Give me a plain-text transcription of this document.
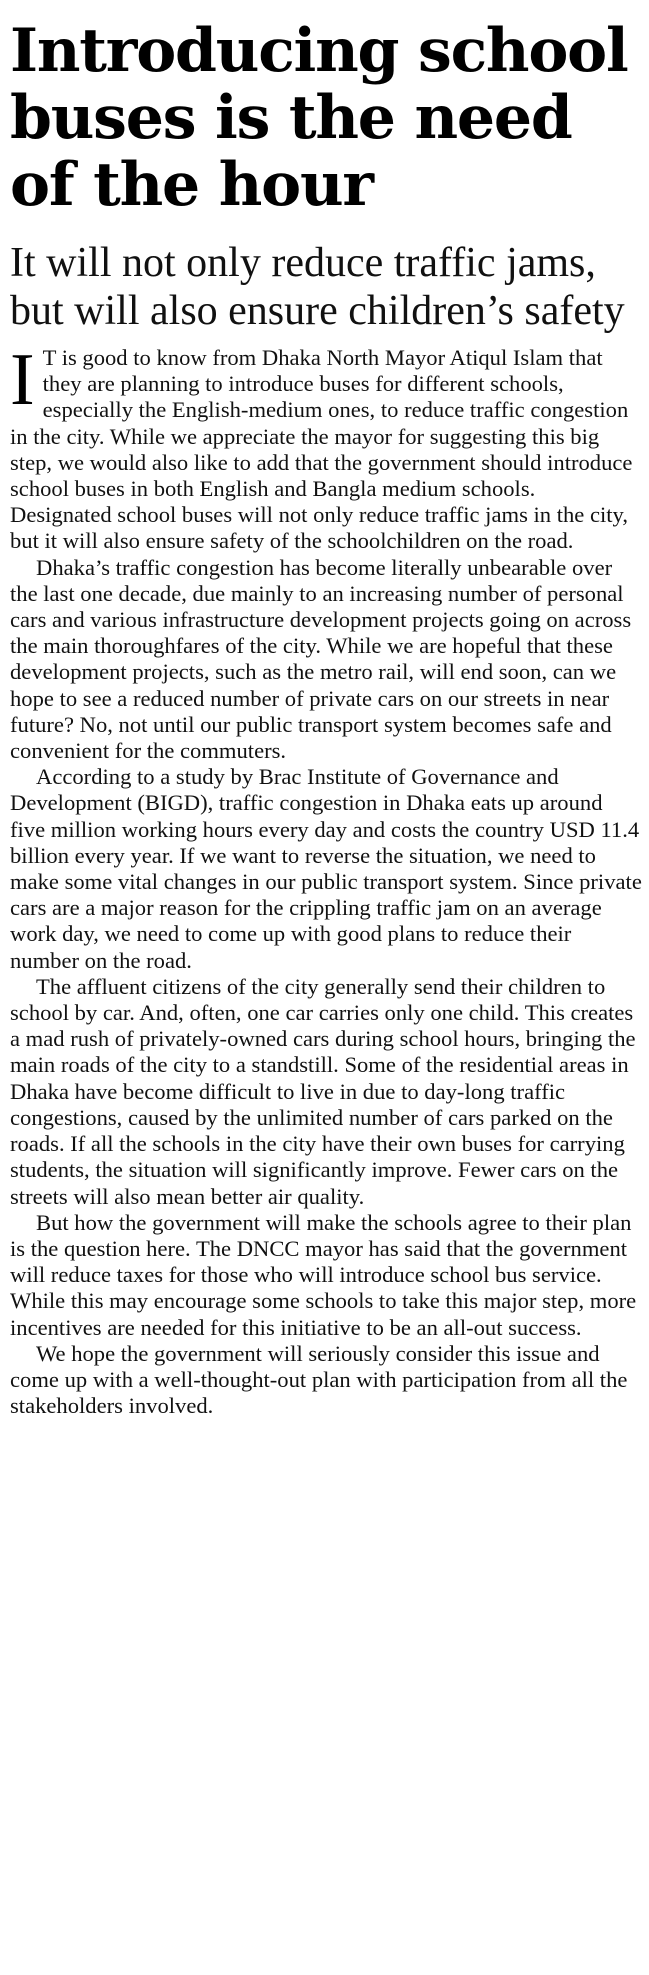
Introducing school buses is the need of the hour
It will not only reduce traffic jams, but will also ensure children’s safety

I T is good to know from Dhaka North Mayor Atiqul Islam that they are planning to introduce buses for different schools, especially the English-medium ones, to reduce traffic congestion in the city. While we appreciate the mayor for suggesting this big step, we would also like to add that the government should introduce school buses in both English and Bangla medium schools. Designated school buses will not only reduce traffic jams in the city, but it will also ensure safety of the schoolchildren on the road.

Dhaka’s traffic congestion has become literally unbearable over the last one decade, due mainly to an increasing number of personal cars and various infrastructure development projects going on across the main thoroughfares of the city. While we are hopeful that these development projects, such as the metro rail, will end soon, can we hope to see a reduced number of private cars on our streets in near future? No, not until our public transport system becomes safe and convenient for the commuters.

According to a study by Brac Institute of Governance and Development (BIGD), traffic congestion in Dhaka eats up around five million working hours every day and costs the country USD 11.4 billion every year. If we want to reverse the situation, we need to make some vital changes in our public transport system. Since private cars are a major reason for the crippling traffic jam on an average work day, we need to come up with good plans to reduce their number on the road.

The affluent citizens of the city generally send their children to school by car. And, often, one car carries only one child. This creates a mad rush of privately-owned cars during school hours, bringing the main roads of the city to a standstill. Some of the residential areas in Dhaka have become difficult to live in due to day-long traffic congestions, caused by the unlimited number of cars parked on the roads. If all the schools in the city have their own buses for carrying students, the situation will significantly improve. Fewer cars on the streets will also mean better air quality.

But how the government will make the schools agree to their plan is the question here. The DNCC mayor has said that the government will reduce taxes for those who will introduce school bus service. While this may encourage some schools to take this major step, more incentives are needed for this initiative to be an all-out success.

We hope the government will seriously consider this issue and come up with a well-thought-out plan with participation from all the stakeholders involved.
